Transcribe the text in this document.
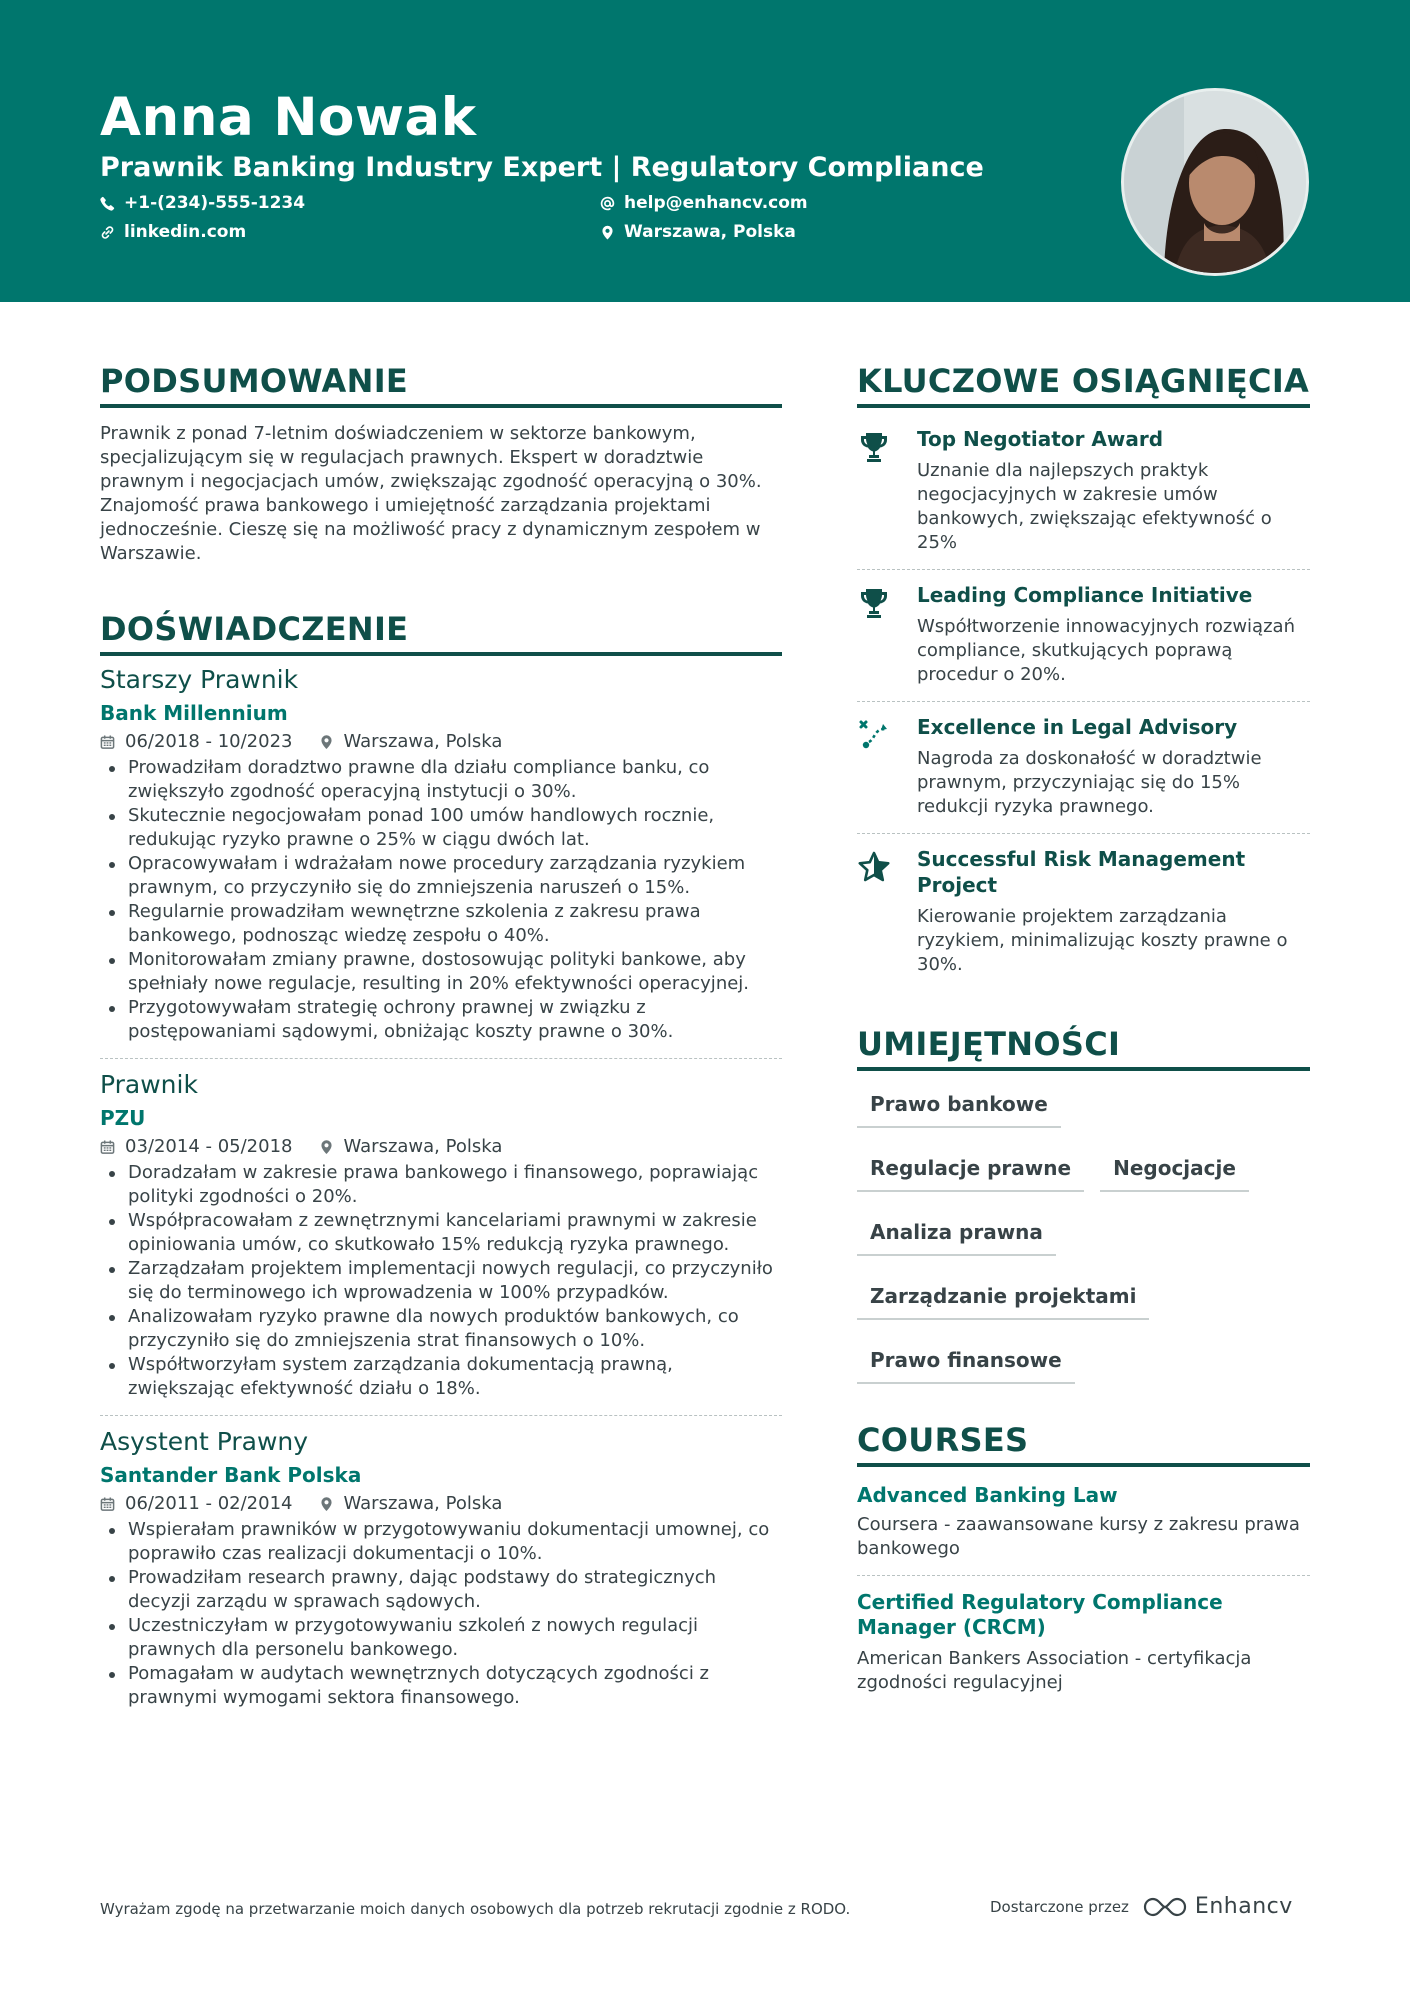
Anna Nowak
Prawnik Banking Industry Expert | Regulatory Compliance
+1-(234)-555-1234	help@enhancv.com
linkedin.com	Warszawa, Polska
PODSUMOWANIE
Prawnik z ponad 7-letnim doświadczeniem w sektorze bankowym, specjalizującym się w regulacjach prawnych. Ekspert w doradztwie prawnym i negocjacjach umów, zwiększając zgodność operacyjną o 30%. Znajomość prawa bankowego i umiejętność zarządzania projektami jednocześnie. Cieszę się na możliwość pracy z dynamicznym zespołem w Warszawie.
DOŚWIADCZENIE
Starszy Prawnik
Bank Millennium
06/2018 - 10/2023	Warszawa, Polska
Prowadziłam doradztwo prawne dla działu compliance banku, co zwiększyło zgodność operacyjną instytucji o 30%.
Skutecznie negocjowałam ponad 100 umów handlowych rocznie, redukując ryzyko prawne o 25% w ciągu dwóch lat.
Opracowywałam i wdrażałam nowe procedury zarządzania ryzykiem prawnym, co przyczyniło się do zmniejszenia naruszeń o 15%.
Regularnie prowadziłam wewnętrzne szkolenia z zakresu prawa bankowego, podnosząc wiedzę zespołu o 40%.
Monitorowałam zmiany prawne, dostosowując polityki bankowe, aby spełniały nowe regulacje, resulting in 20% efektywności operacyjnej.
Przygotowywałam strategię ochrony prawnej w związku z postępowaniami sądowymi, obniżając koszty prawne o 30%.
Prawnik
PZU
03/2014 - 05/2018	Warszawa, Polska
Doradzałam w zakresie prawa bankowego i finansowego, poprawiając polityki zgodności o 20%.
Współpracowałam z zewnętrznymi kancelariami prawnymi w zakresie opiniowania umów, co skutkowało 15% redukcją ryzyka prawnego.
Zarządzałam projektem implementacji nowych regulacji, co przyczyniło się do terminowego ich wprowadzenia w 100% przypadków.
Analizowałam ryzyko prawne dla nowych produktów bankowych, co przyczyniło się do zmniejszenia strat finansowych o 10%.
Współtworzyłam system zarządzania dokumentacją prawną, zwiększając efektywność działu o 18%.
Asystent Prawny
Santander Bank Polska
06/2011 - 02/2014	Warszawa, Polska
Wspierałam prawników w przygotowywaniu dokumentacji umownej, co poprawiło czas realizacji dokumentacji o 10%.
Prowadziłam research prawny, dając podstawy do strategicznych decyzji zarządu w sprawach sądowych.
Uczestniczyłam w przygotowywaniu szkoleń z nowych regulacji prawnych dla personelu bankowego.
Pomagałam w audytach wewnętrznych dotyczących zgodności z prawnymi wymogami sektora finansowego.
KLUCZOWE OSIĄGNIĘCIA
Top Negotiator Award
Uznanie dla najlepszych praktyk negocjacyjnych w zakresie umów bankowych, zwiększając efektywność o 25%
Leading Compliance Initiative
Współtworzenie innowacyjnych rozwiązań compliance, skutkujących poprawą procedur o 20%.
Excellence in Legal Advisory
Nagroda za doskonałość w doradztwie prawnym, przyczyniając się do 15% redukcji ryzyka prawnego.
Successful Risk Management Project
Kierowanie projektem zarządzania ryzykiem, minimalizując koszty prawne o 30%.
UMIEJĘTNOŚCI
Prawo bankowe
Regulacje prawne	Negocjacje
Analiza prawna
Zarządzanie projektami
Prawo finansowe
COURSES
Advanced Banking Law
Coursera - zaawansowane kursy z zakresu prawa bankowego
Certified Regulatory Compliance Manager (CRCM)
American Bankers Association - certyfikacja zgodności regulacyjnej
Wyrażam zgodę na przetwarzanie moich danych osobowych dla potrzeb rekrutacji zgodnie z RODO.	Dostarczone przez	Enhancv
